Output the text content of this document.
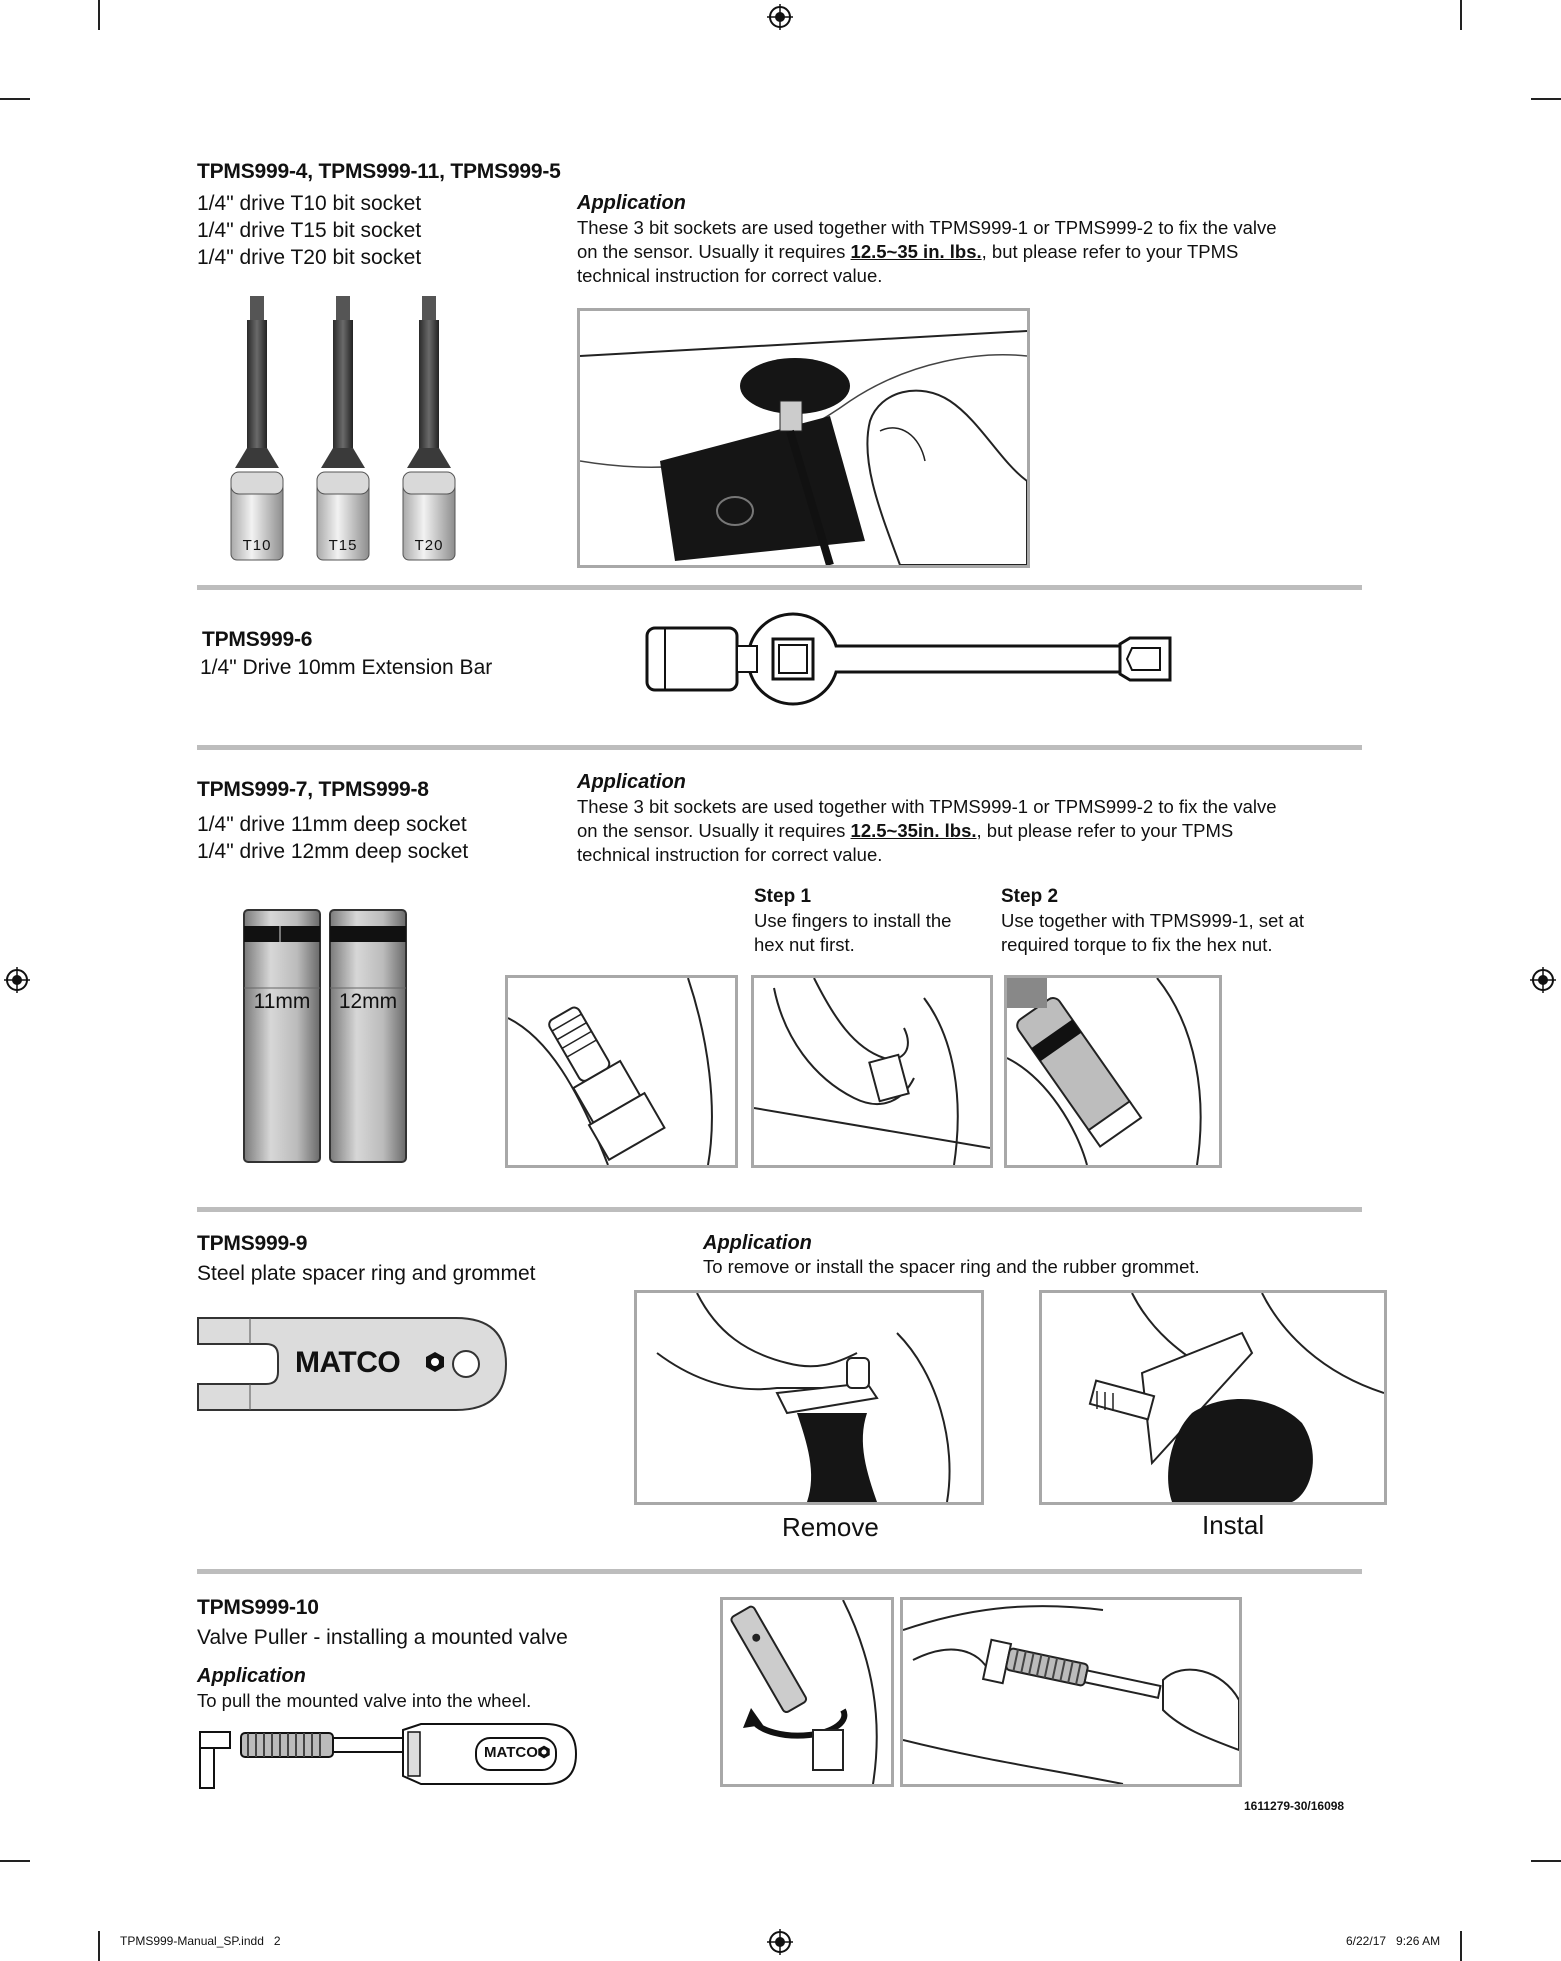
TPMS999-4, TPMS999-11, TPMS999-5
1/4" drive T10 bit socket
1/4" drive T15 bit socket
1/4" drive T20 bit socket
Application
These 3 bit sockets are used together with TPMS999-1 or TPMS999-2 to fix the valve on the sensor. Usually it requires 12.5~35 in. lbs., but please refer to your TPMS technical instruction for correct value.
T10	T15	T20
TPMS999-6
1/4" Drive 10mm Extension Bar
TPMS999-7, TPMS999-8
1/4" drive 11mm deep socket
1/4" drive 12mm deep socket
Application
These 3 bit sockets are used together with TPMS999-1 or TPMS999-2 to fix the valve on the sensor. Usually it requires 12.5~35in. lbs., but please refer to your TPMS technical instruction for correct value.
Step 1
Use fingers to install the hex nut first.
Step 2
Use together with TPMS999-1, set at required torque to fix the hex nut.
11mm	12mm
TPMS999-9
Steel plate spacer ring and grommet
Application
To remove or install the spacer ring and the rubber grommet.
MATCO
Remove	Instal
TPMS999-10
Valve Puller - installing a mounted valve
Application
To pull the mounted valve into the wheel.
MATCO
1611279-30/16098
TPMS999-Manual_SP.indd   2	6/22/17   9:26 AM
